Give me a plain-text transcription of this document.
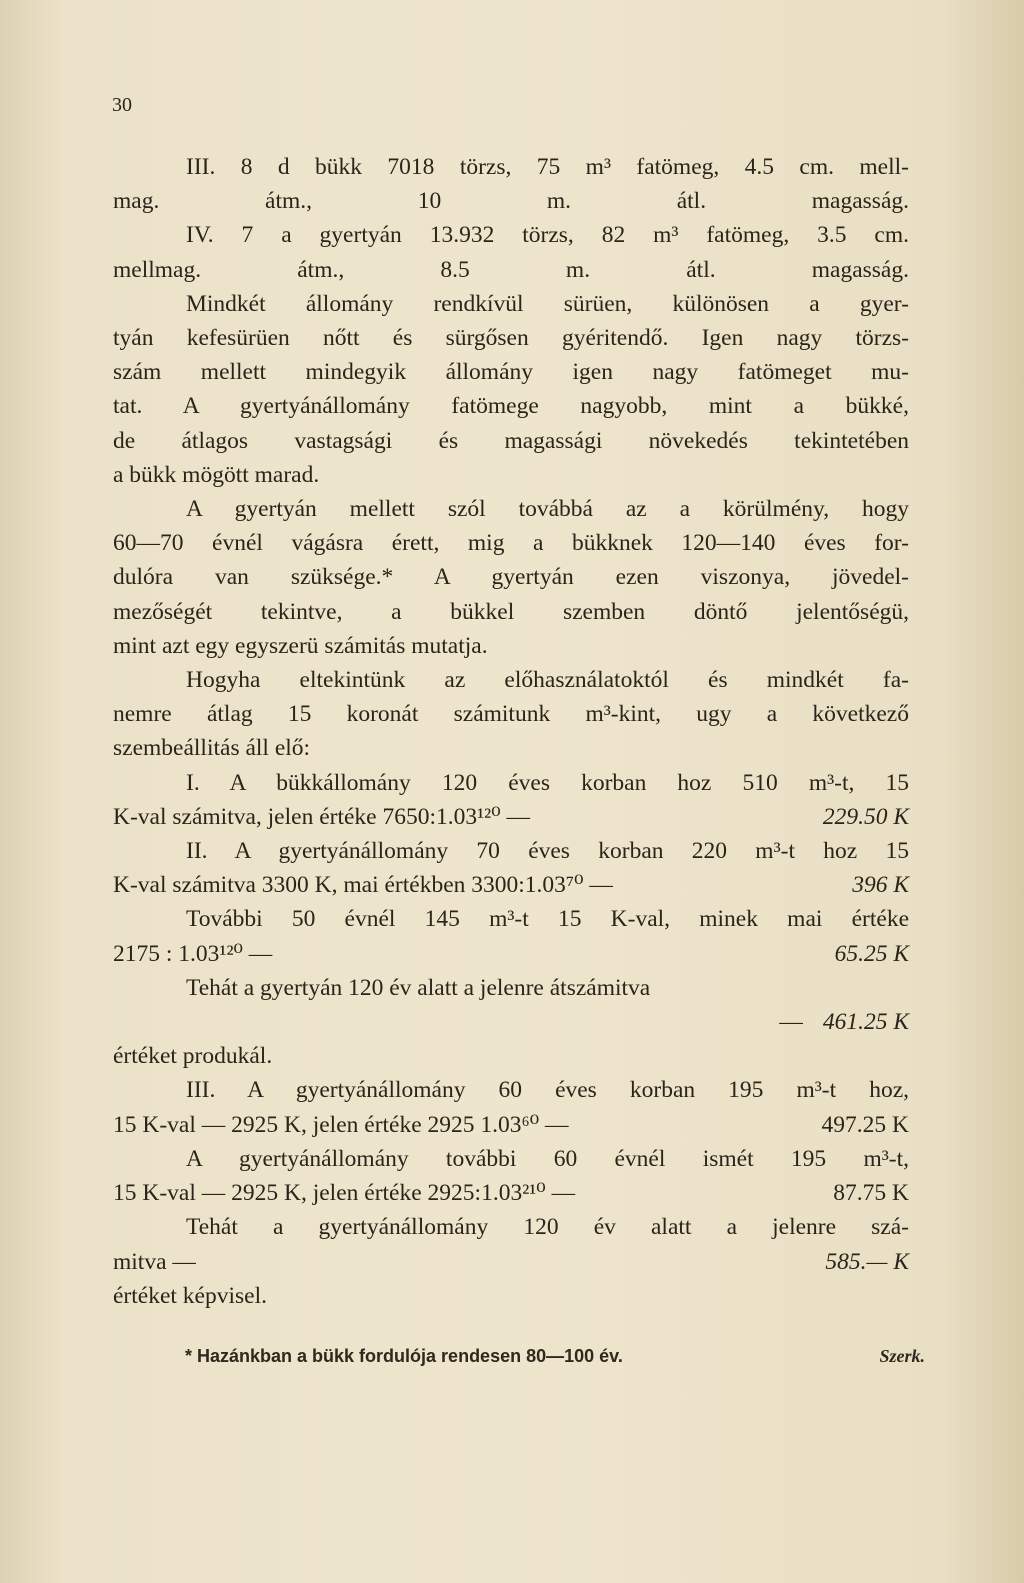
30
III. 8 d bükk 7018 törzs, 75 m³ fatömeg, 4.5 cm. mell-
mag. átm., 10 m. átl. magasság.
IV. 7 a gyertyán 13.932 törzs, 82 m³ fatömeg, 3.5 cm.
mellmag. átm., 8.5 m. átl. magasság.
Mindkét állomány rendkívül sürüen, különösen a gyer-
tyán kefesürüen nőtt és sürgősen gyéritendő. Igen nagy törzs-
szám mellett mindegyik állomány igen nagy fatömeget mu-
tat. A gyertyánállomány fatömege nagyobb, mint a bükké,
de átlagos vastagsági és magassági növekedés tekintetében
a bükk mögött marad.
A gyertyán mellett szól továbbá az a körülmény, hogy
60—70 évnél vágásra érett, mig a bükknek 120—140 éves for-
dulóra van szüksége.* A gyertyán ezen viszonya, jövedel-
mezőségét tekintve, a bükkel szemben döntő jelentőségü,
mint azt egy egyszerü számitás mutatja.
Hogyha eltekintünk az előhasználatoktól és mindkét fa-
nemre átlag 15 koronát számitunk m³-kint, ugy a következő
szembeállitás áll elő:
I. A bükkállomány 120 éves korban hoz 510 m³-t, 15
K-val számitva, jelen értéke 7650:1.03¹²⁰ —	229.50 K
II. A gyertyánállomány 70 éves korban 220 m³-t hoz 15
K-val számitva 3300 K, mai értékben 3300:1.03⁷⁰ —	396 K
További 50 évnél 145 m³-t 15 K-val, minek mai értéke
2175 : 1.03¹²⁰ —	65.25 K
Tehát a gyertyán 120 év alatt a jelenre átszámitva
— 461.25 K
értéket produkál.
III. A gyertyánállomány 60 éves korban 195 m³-t hoz,
15 K-val — 2925 K, jelen értéke 2925 1.03⁶⁰ —	497.25 K
A gyertyánállomány további 60 évnél ismét 195 m³-t,
15 K-val — 2925 K, jelen értéke 2925:1.03²¹⁰ —	87.75 K
Tehát a gyertyánállomány 120 év alatt a jelenre szá-
mitva —	585.— K
értéket képvisel.
* Hazánkban a bükk fordulója rendesen 80—100 év.	Szerk.
